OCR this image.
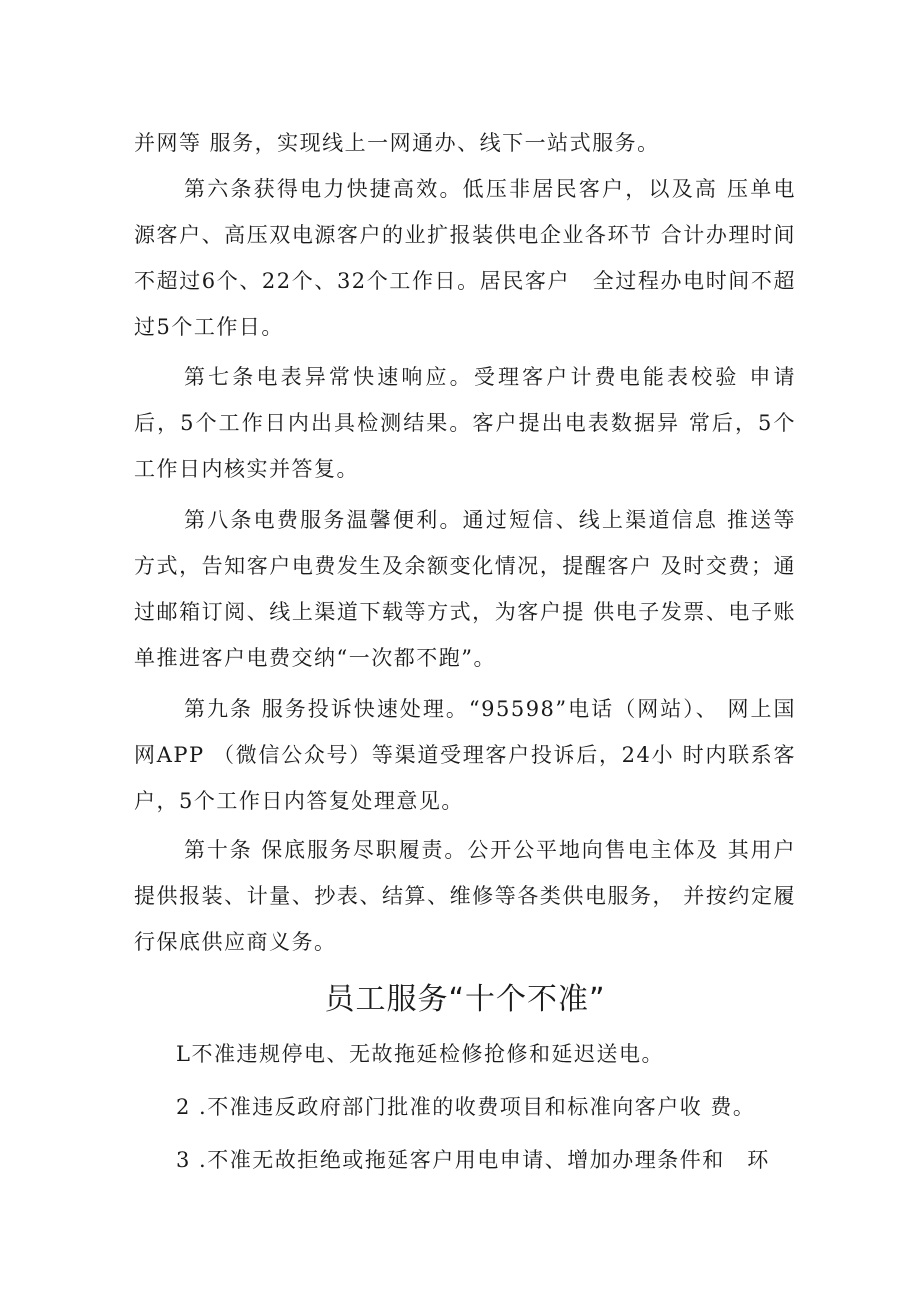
并网等 服务，实现线上一网通办、线下一站式服务。

第六条获得电力快捷高效。低压非居民客户，以及高 压单电源客户、高压双电源客户的业扩报装供电企业各环节 合计办理时间不超过6个、22个、32个工作日。居民客户　全过程办电时间不超过5个工作日。

第七条电表异常快速响应。受理客户计费电能表校验 申请后，5个工作日内出具检测结果。客户提出电表数据异 常后，5个工作日内核实并答复。

第八条电费服务温馨便利。通过短信、线上渠道信息 推送等方式，告知客户电费发生及余额变化情况，提醒客户 及时交费；通过邮箱订阅、线上渠道下载等方式，为客户提 供电子发票、电子账单推进客户电费交纳“一次都不跑”。

第九条 服务投诉快速处理。“95598”电话（网站）、 网上国网APP （微信公众号）等渠道受理客户投诉后，24小 时内联系客户，5个工作日内答复处理意见。

第十条 保底服务尽职履责。公开公平地向售电主体及 其用户提供报装、计量、抄表、结算、维修等各类供电服务， 并按约定履行保底供应商义务。

员工服务“十个不准”

L不准违规停电、无故拖延检修抢修和延迟送电。

2 .不准违反政府部门批准的收费项目和标准向客户收 费。

3 .不准无故拒绝或拖延客户用电申请、增加办理条件和　环
